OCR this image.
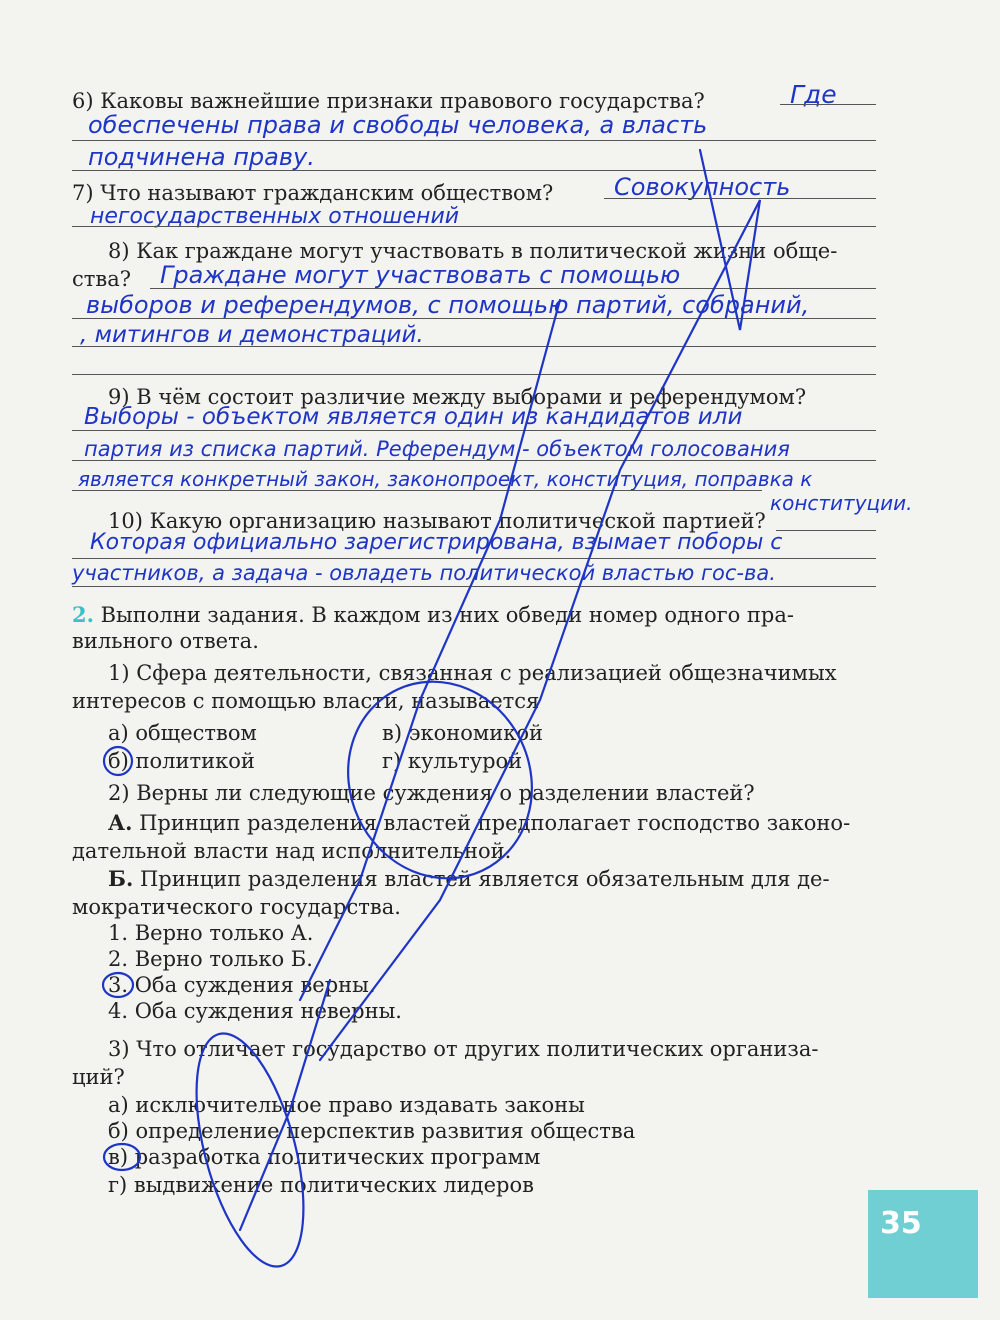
6) Каковы важнейшие признаки правового государства?	Где
обеспечены права и свободы человека, а власть
подчинена праву.
7) Что называют гражданским обществом?	Совокупность
негосударственных отношений
8) Как граждане могут участвовать в политической жизни обще-
ства? Граждане могут участвовать с помощью
выборов и референдумов, с помощью партий, собраний,
, митингов и демонстраций.
9) В чём состоит различие между выборами и референдумом?
Выборы - объектом является один из кандидатов или
партия из списка партий. Референдум - объектом голосования
является конкретный закон, законопроект, конституция, поправка к
конституции.
10) Какую организацию называют политической партией?
Которая официально зарегистрирована, взымает поборы с
участников, а задача - овладеть политической властью гос-ва.
2. Выполни задания. В каждом из них обведи номер одного пра-
вильного ответа.
1) Сфера деятельности, связанная с реализацией общезначимых
интересов с помощью власти, называется
а) обществом	в) экономикой
б) политикой	г) культурой
2) Верны ли следующие суждения о разделении властей?
А. Принцип разделения властей предполагает господство законо-
дательной власти над исполнительной.
Б. Принцип разделения властей является обязательным для де-
мократического государства.
1. Верно только А.
2. Верно только Б.
3. Оба суждения верны.
4. Оба суждения неверны.
3) Что отличает государство от других политических организа-
ций?
а) исключительное право издавать законы
б) определение перспектив развития общества
в) разработка политических программ
г) выдвижение политических лидеров
35
